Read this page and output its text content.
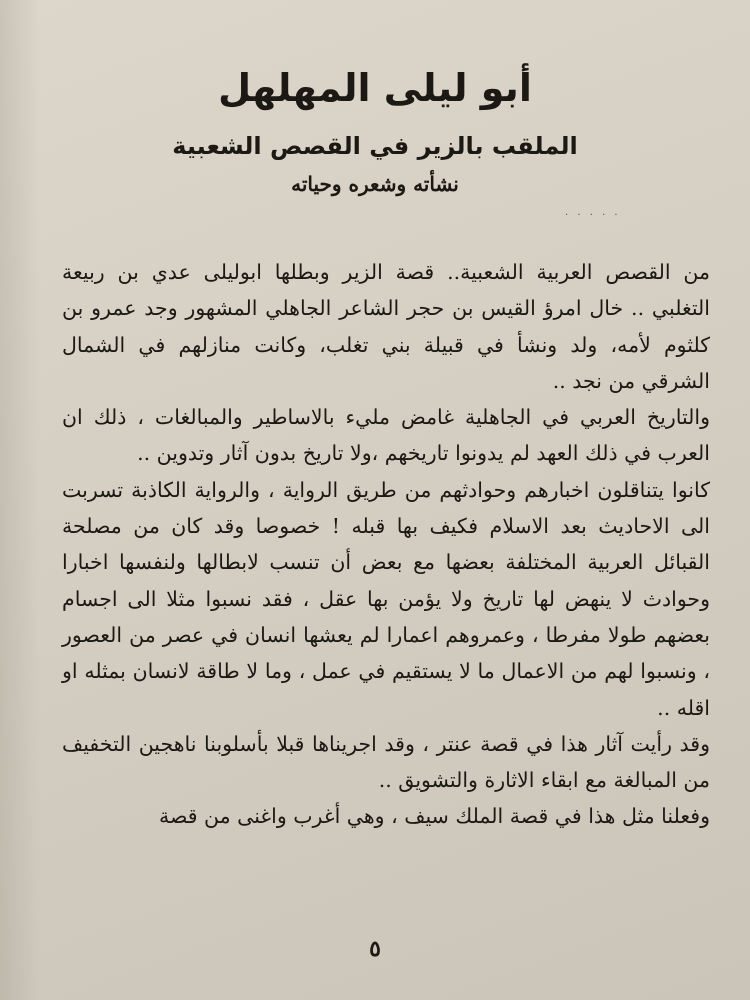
أبو ليلى المهلهل
الملقب بالزير في القصص الشعبية
نشأته وشعره وحياته
· · · · ·

من القصص العربية الشعبية.. قصة الزير وبطلها ابوليلى عدي بن ربيعة التغلبي .. خال امرؤ القيس بن حجر الشاعر الجاهلي المشهور وجد عمرو بن كلثوم لأمه، ولد ونشأ في قبيلة بني تغلب، وكانت منازلهم في الشمال الشرقي من نجد ..

والتاريخ العربي في الجاهلية غامض مليء بالاساطير والمبالغات ، ذلك ان العرب في ذلك العهد لم يدونوا تاريخهم ،ولا تاريخ بدون آثار وتدوين ..

كانوا يتناقلون اخبارهم وحوادثهم من طريق الرواية ، والرواية الكاذبة تسربت الى الاحاديث بعد الاسلام فكيف بها قبله ! خصوصا وقد كان من مصلحة القبائل العربية المختلفة بعضها مع بعض أن تنسب لابطالها ولنفسها اخبارا وحوادث لا ينهض لها تاريخ ولا يؤمن بها عقل ، فقد نسبوا مثلا الى اجسام بعضهم طولا مفرطا ، وعمروهم اعمارا لم يعشها انسان في عصر من العصور ، ونسبوا لهم من الاعمال ما لا يستقيم في عمل ، وما لا طاقة لانسان بمثله او اقله ..

وقد رأيت آثار هذا في قصة عنتر ، وقد اجريناها قبلا بأسلوبنا ناهجين التخفيف من المبالغة مع ابقاء الاثارة والتشويق ..

وفعلنا مثل هذا في قصة الملك سيف ، وهي أغرب واغنى من قصة

٥
